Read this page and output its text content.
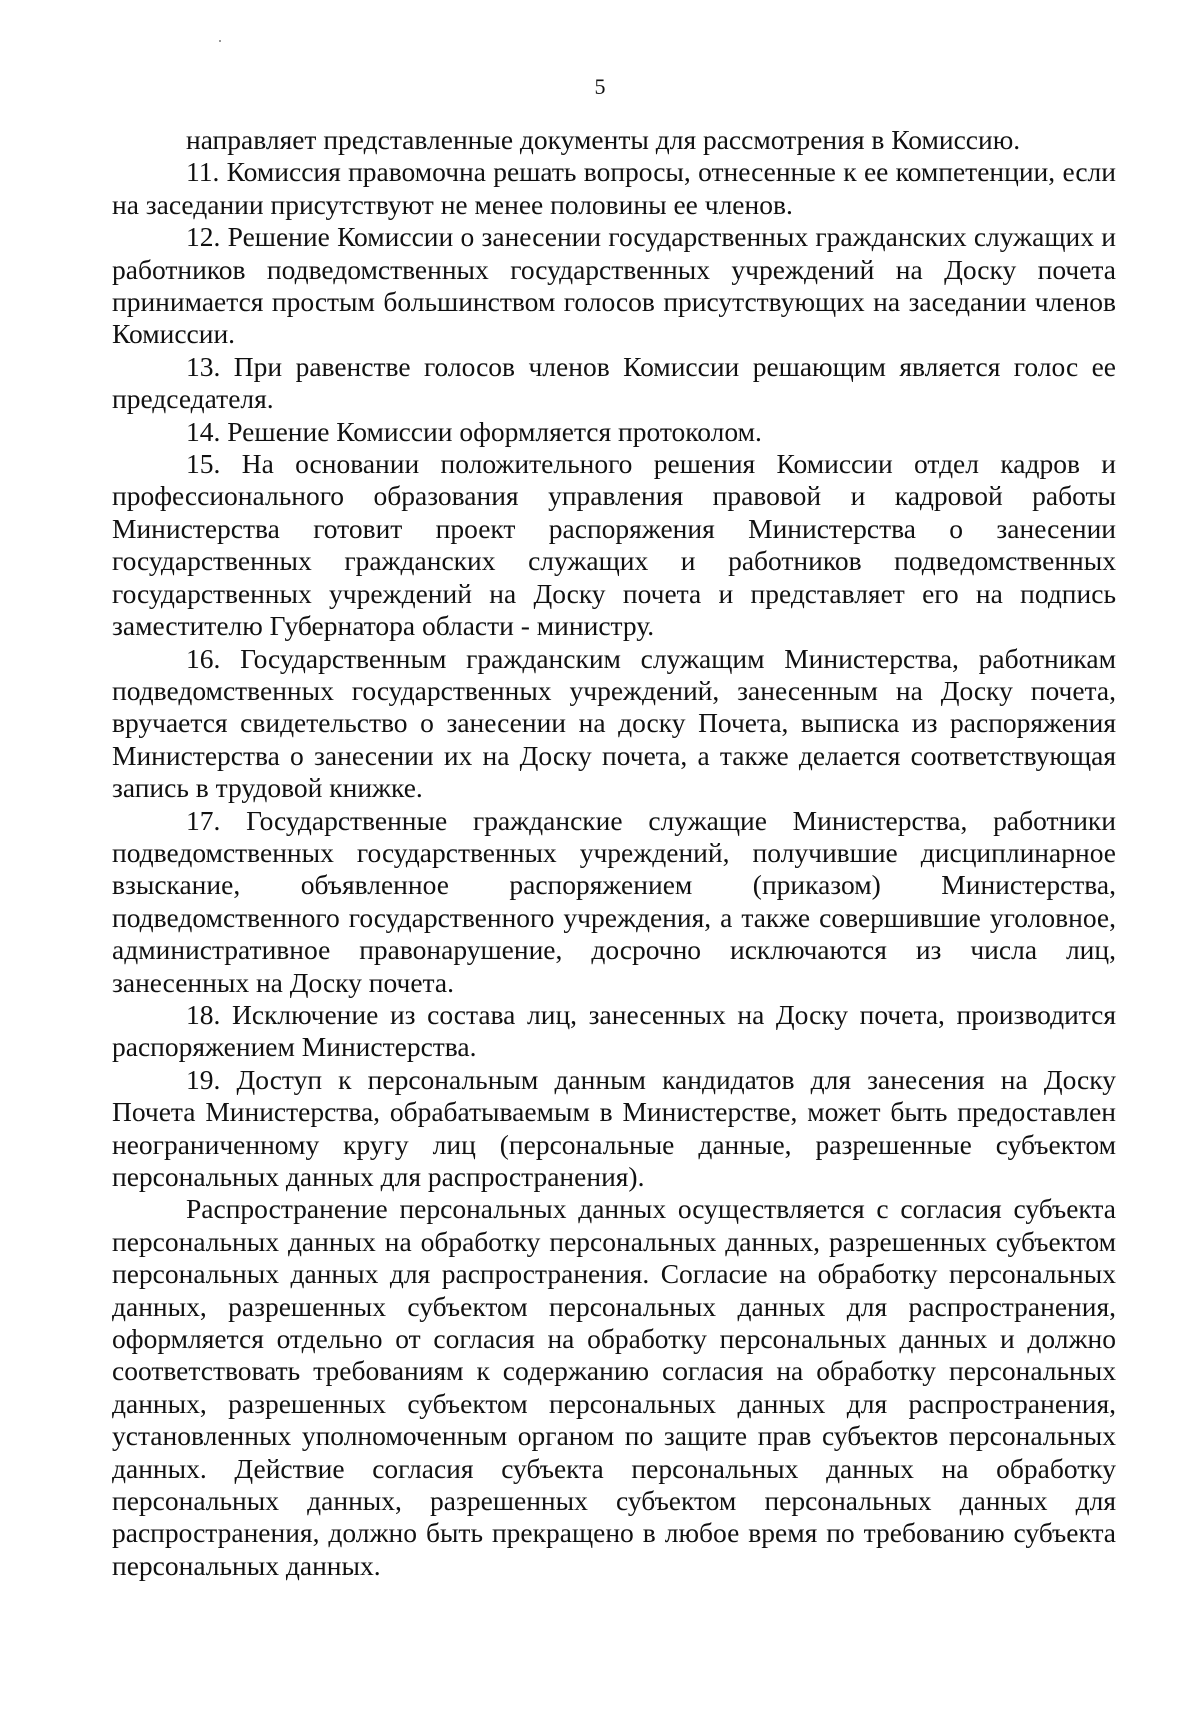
5

направляет представленные документы для рассмотрения в Комиссию.

11. Комиссия правомочна решать вопросы, отнесенные к ее компетенции, если на заседании присутствуют не менее половины ее членов.

12. Решение Комиссии о занесении государственных гражданских служащих и работников подведомственных государственных учреждений на Доску почета принимается простым большинством голосов присутствующих на заседании членов Комиссии.

13. При равенстве голосов членов Комиссии решающим является голос ее председателя.

14. Решение Комиссии оформляется протоколом.

15. На основании положительного решения Комиссии отдел кадров и профессионального образования управления правовой и кадровой работы Министерства готовит проект распоряжения Министерства о занесении государственных гражданских служащих и работников подведомственных государственных учреждений на Доску почета и представляет его на подпись заместителю Губернатора области - министру.

16. Государственным гражданским служащим Министерства, работникам подведомственных государственных учреждений, занесенным на Доску почета, вручается свидетельство о занесении на доску Почета, выписка из распоряжения Министерства о занесении их на Доску почета, а также делается соответствующая запись в трудовой книжке.

17. Государственные гражданские служащие Министерства, работники подведомственных государственных учреждений, получившие дисциплинарное взыскание, объявленное распоряжением (приказом) Министерства, подведомственного государственного учреждения, а также совершившие уголовное, административное правонарушение, досрочно исключаются из числа лиц, занесенных на Доску почета.

18. Исключение из состава лиц, занесенных на Доску почета, производится распоряжением Министерства.

19. Доступ к персональным данным кандидатов для занесения на Доску Почета Министерства, обрабатываемым в Министерстве, может быть предоставлен неограниченному кругу лиц (персональные данные, разрешенные субъектом персональных данных для распространения).

Распространение персональных данных осуществляется с согласия субъекта персональных данных на обработку персональных данных, разрешенных субъектом персональных данных для распространения. Согласие на обработку персональных данных, разрешенных субъектом персональных данных для распространения, оформляется отдельно от согласия на обработку персональных данных и должно соответствовать требованиям к содержанию согласия на обработку персональных данных, разрешенных субъектом персональных данных для распространения, установленных уполномоченным органом по защите прав субъектов персональных данных. Действие согласия субъекта персональных данных на обработку персональных данных, разрешенных субъектом персональных данных для распространения, должно быть прекращено в любое время по требованию субъекта персональных данных.
